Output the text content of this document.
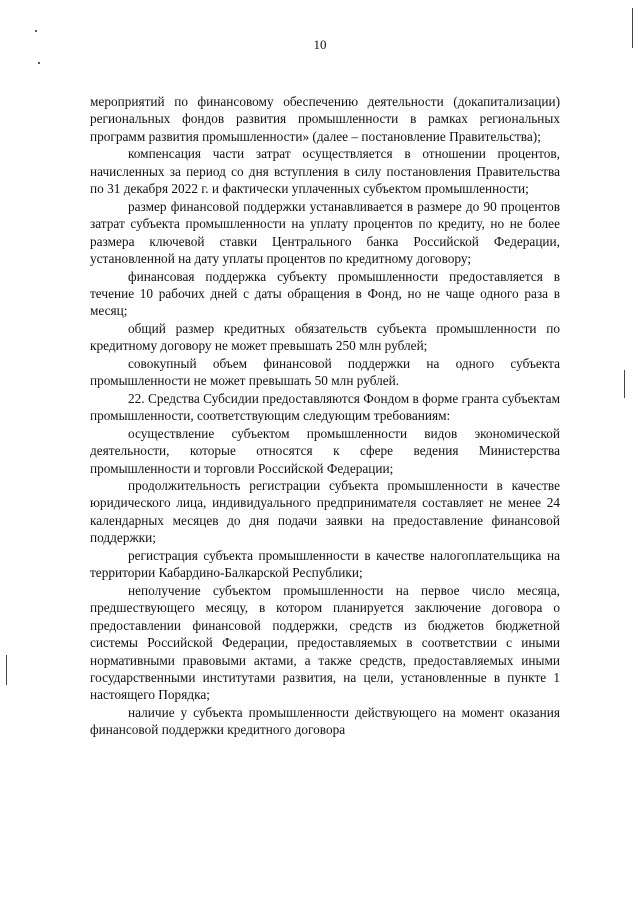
10

мероприятий по финансовому обеспечению деятельности (докапитализации) региональных фондов развития промышленности в рамках региональных программ развития промышленности» (далее – постановление Правительства);

компенсация части затрат осуществляется в отношении процентов, начисленных за период со дня вступления в силу постановления Правительства по 31 декабря 2022 г. и фактически уплаченных субъектом промышленности;

размер финансовой поддержки устанавливается в размере до 90 процентов затрат субъекта промышленности на уплату процентов по кредиту, но не более размера ключевой ставки Центрального банка Российской Федерации, установленной на дату уплаты процентов по кредитному договору;

финансовая поддержка субъекту промышленности предоставляется в течение 10 рабочих дней с даты обращения в Фонд, но не чаще одного раза в месяц;

общий размер кредитных обязательств субъекта промышленности по кредитному договору не может превышать 250 млн рублей;

совокупный объем финансовой поддержки на одного субъекта промышленности не может превышать 50 млн рублей.

22. Средства Субсидии предоставляются Фондом в форме гранта субъектам промышленности, соответствующим следующим требованиям:

осуществление субъектом промышленности видов экономической деятельности, которые относятся к сфере ведения Министерства промышленности и торговли Российской Федерации;

продолжительность регистрации субъекта промышленности в качестве юридического лица, индивидуального предпринимателя составляет не менее 24 календарных месяцев до дня подачи заявки на предоставление финансовой поддержки;

регистрация субъекта промышленности в качестве налогоплательщика на территории Кабардино-Балкарской Республики;

неполучение субъектом промышленности на первое число месяца, предшествующего месяцу, в котором планируется заключение договора о предоставлении финансовой поддержки, средств из бюджетов бюджетной системы Российской Федерации, предоставляемых в соответствии с иными нормативными правовыми актами, а также средств, предоставляемых иными государственными институтами развития, на цели, установленные в пункте 1 настоящего Порядка;

наличие у субъекта промышленности действующего на момент оказания финансовой поддержки кредитного договора
